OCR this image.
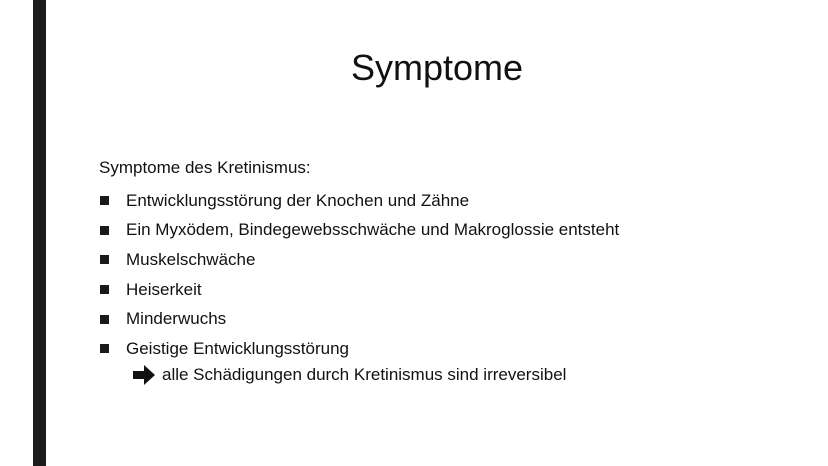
Symptome
Symptome des Kretinismus:
Entwicklungsstörung der Knochen und Zähne
Ein Myxödem, Bindegewebsschwäche und Makroglossie entsteht
Muskelschwäche
Heiserkeit
Minderwuchs
Geistige Entwicklungsstörung
alle Schädigungen durch Kretinismus sind irreversibel
